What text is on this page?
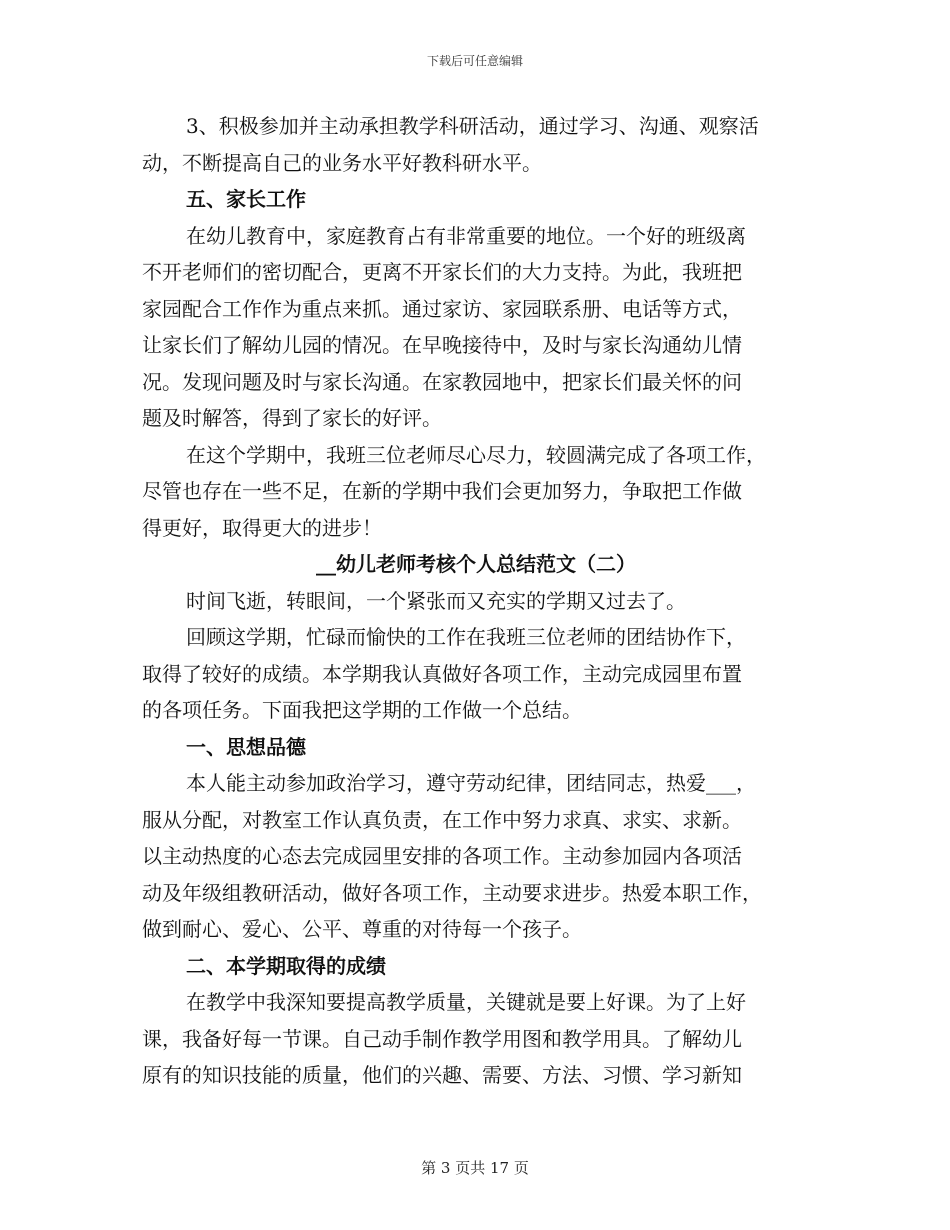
下载后可任意编辑
3、积极参加并主动承担教学科研活动，通过学习、沟通、观察活
动，不断提高自己的业务水平好教科研水平。
五、家长工作
在幼儿教育中，家庭教育占有非常重要的地位。一个好的班级离
不开老师们的密切配合，更离不开家长们的大力支持。为此，我班把
家园配合工作作为重点来抓。通过家访、家园联系册、电话等方式，
让家长们了解幼儿园的情况。在早晚接待中，及时与家长沟通幼儿情
况。发现问题及时与家长沟通。在家教园地中，把家长们最关怀的问
题及时解答，得到了家长的好评。
在这个学期中，我班三位老师尽心尽力，较圆满完成了各项工作，
尽管也存在一些不足，在新的学期中我们会更加努力，争取把工作做
得更好，取得更大的进步！
__幼儿老师考核个人总结范文（二）
时间飞逝，转眼间，一个紧张而又充实的学期又过去了。
回顾这学期，忙碌而愉快的工作在我班三位老师的团结协作下，
取得了较好的成绩。本学期我认真做好各项工作，主动完成园里布置
的各项任务。下面我把这学期的工作做一个总结。
一、思想品德
本人能主动参加政治学习，遵守劳动纪律，团结同志，热爱___，
服从分配，对教室工作认真负责，在工作中努力求真、求实、求新。
以主动热度的心态去完成园里安排的各项工作。主动参加园内各项活
动及年级组教研活动，做好各项工作，主动要求进步。热爱本职工作，
做到耐心、爱心、公平、尊重的对待每一个孩子。
二、本学期取得的成绩
在教学中我深知要提高教学质量，关键就是要上好课。为了上好
课，我备好每一节课。自己动手制作教学用图和教学用具。了解幼儿
原有的知识技能的质量，他们的兴趣、需要、方法、习惯、学习新知
第 3 页共 17 页
